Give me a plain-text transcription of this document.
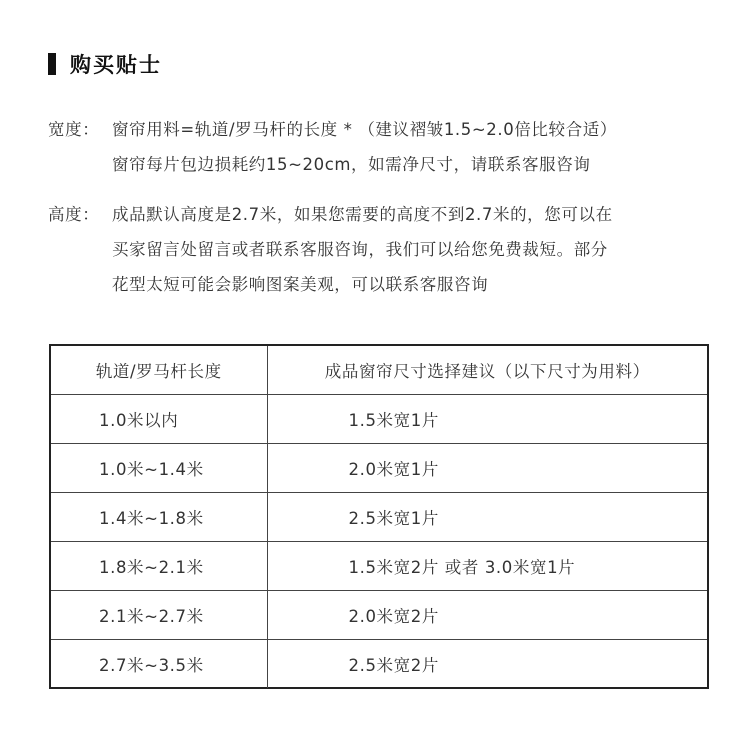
购买贴士
宽度： 窗帘用料=轨道/罗马杆的长度 * （建议褶皱1.5~2.0倍比较合适）
窗帘每片包边损耗约15~20cm，如需净尺寸，请联系客服咨询
高度： 成品默认高度是2.7米，如果您需要的高度不到2.7米的，您可以在
买家留言处留言或者联系客服咨询，我们可以给您免费裁短。部分
花型太短可能会影响图案美观，可以联系客服咨询
轨道/罗马杆长度	成品窗帘尺寸选择建议（以下尺寸为用料）
1.0米以内	1.5米宽1片
1.0米~1.4米	2.0米宽1片
1.4米~1.8米	2.5米宽1片
1.8米~2.1米	1.5米宽2片 或者 3.0米宽1片
2.1米~2.7米	2.0米宽2片
2.7米~3.5米	2.5米宽2片
